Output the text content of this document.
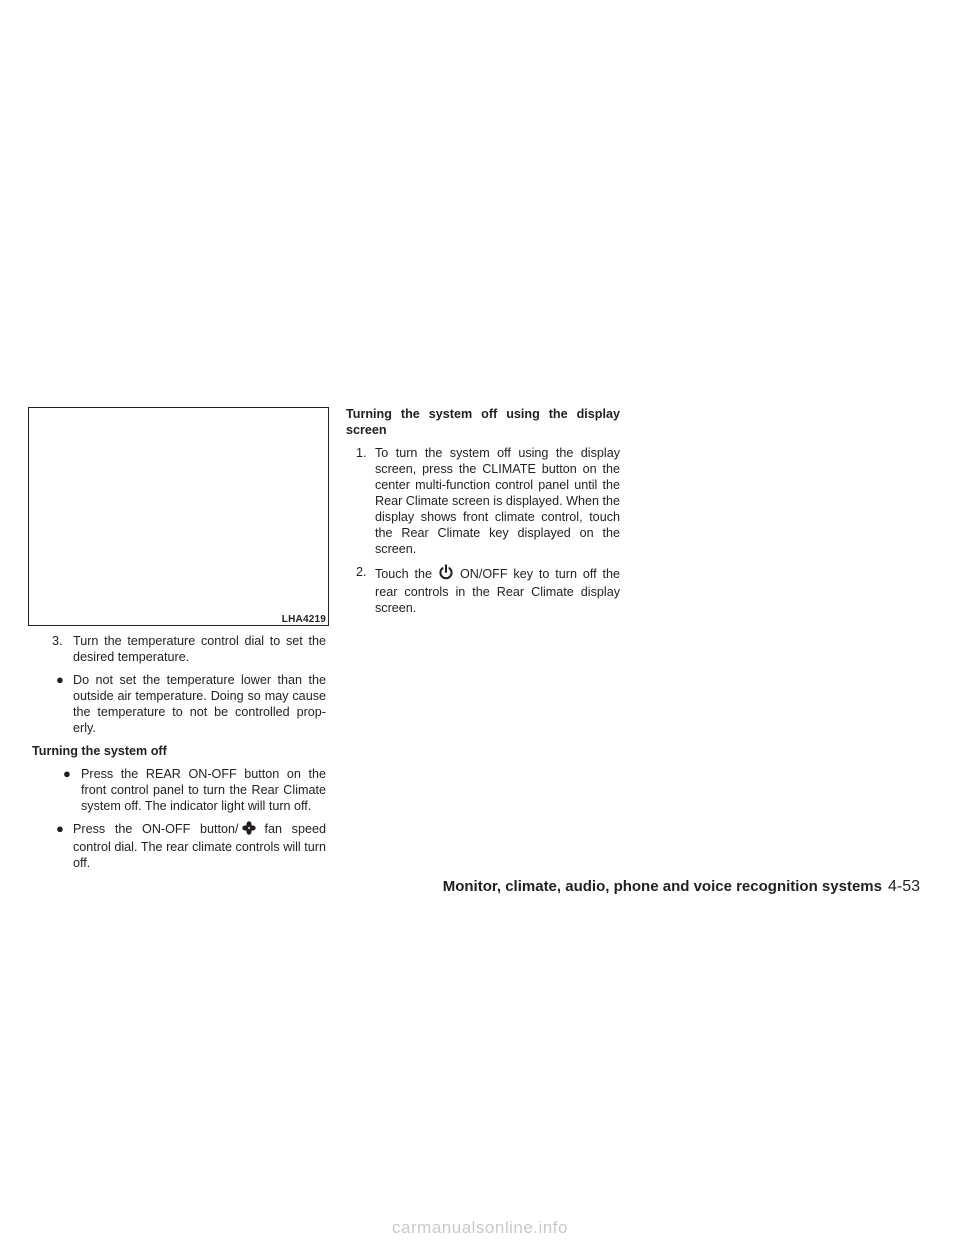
LHA4219
3. Turn the temperature control dial to set the desired temperature.
● Do not set the temperature lower than the outside air temperature. Doing so may cause the temperature to not be controlled prop-erly.
Turning the system off
● Press the REAR ON-OFF button on the front control panel to turn the Rear Climate system off. The indicator light will turn off.
● Press the ON-OFF button/ fan speed control dial. The rear climate controls will turn off.
Turning the system off using the display screen
1. To turn the system off using the display screen, press the CLIMATE button on the center multi-function control panel until the Rear Climate screen is displayed. When the display shows front climate control, touch the Rear Climate key displayed on the screen.
2. Touch the ON/OFF key to turn off the rear controls in the Rear Climate display screen.
Monitor, climate, audio, phone and voice recognition systems 4-53
carmanualsonline.info
